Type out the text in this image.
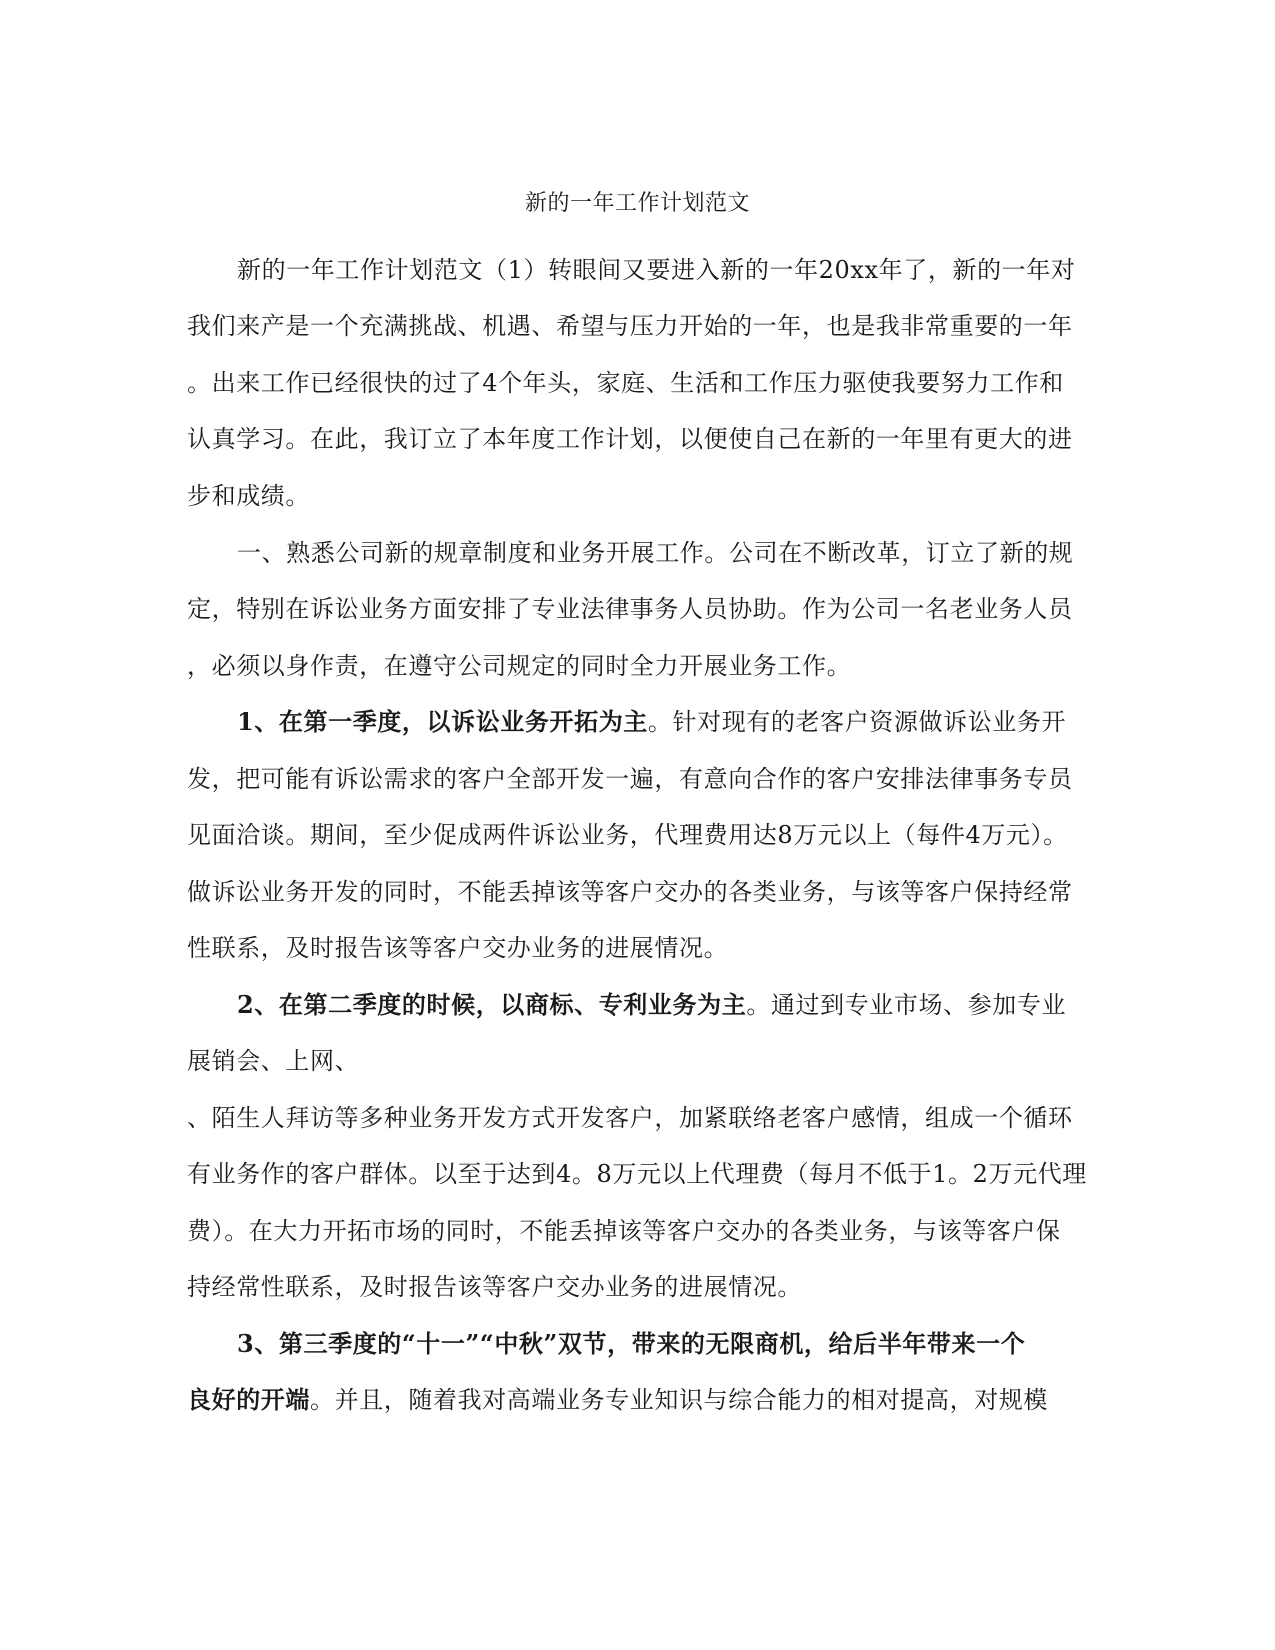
新的一年工作计划范文
新的一年工作计划范文（1）转眼间又要进入新的一年20xx年了，新的一年对
我们来产是一个充满挑战、机遇、希望与压力开始的一年，也是我非常重要的一年
。出来工作已经很快的过了4个年头，家庭、生活和工作压力驱使我要努力工作和
认真学习。在此，我订立了本年度工作计划，以便使自己在新的一年里有更大的进
步和成绩。
一、熟悉公司新的规章制度和业务开展工作。公司在不断改革，订立了新的规
定，特别在诉讼业务方面安排了专业法律事务人员协助。作为公司一名老业务人员
，必须以身作责，在遵守公司规定的同时全力开展业务工作。
1、在第一季度，以诉讼业务开拓为主。针对现有的老客户资源做诉讼业务开
发，把可能有诉讼需求的客户全部开发一遍，有意向合作的客户安排法律事务专员
见面洽谈。期间，至少促成两件诉讼业务，代理费用达8万元以上（每件4万元）。
做诉讼业务开发的同时，不能丢掉该等客户交办的各类业务，与该等客户保持经常
性联系，及时报告该等客户交办业务的进展情况。
2、在第二季度的时候，以商标、专利业务为主。通过到专业市场、参加专业
展销会、上网、
、陌生人拜访等多种业务开发方式开发客户，加紧联络老客户感情，组成一个循环
有业务作的客户群体。以至于达到4。8万元以上代理费（每月不低于1。2万元代理
费）。在大力开拓市场的同时，不能丢掉该等客户交办的各类业务，与该等客户保
持经常性联系，及时报告该等客户交办业务的进展情况。
3、第三季度的“十一”“中秋”双节，带来的无限商机，给后半年带来一个
良好的开端。并且，随着我对高端业务专业知识与综合能力的相对提高，对规模
